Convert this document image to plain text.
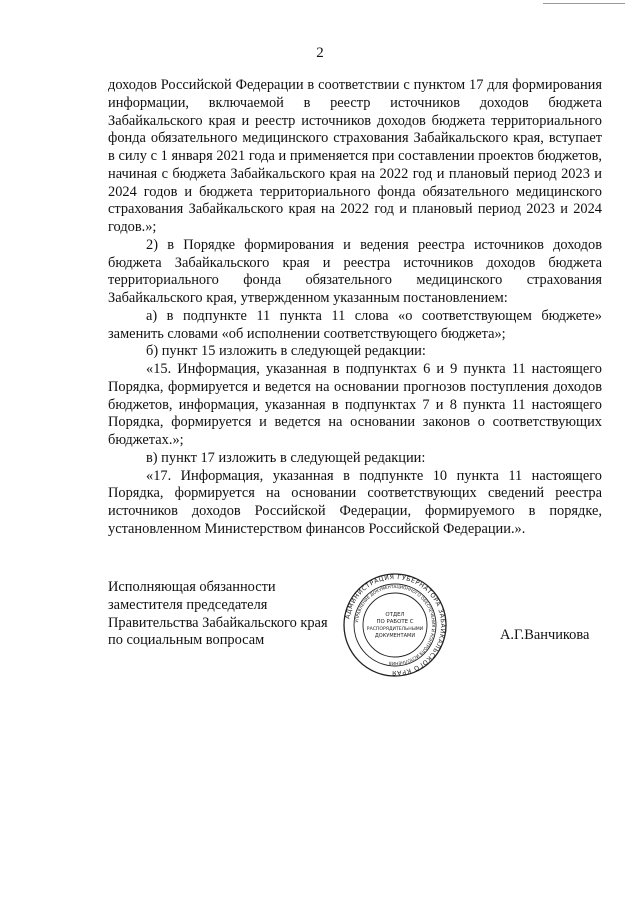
2

доходов Российской Федерации в соответствии с пунктом 17 для формирования информации, включаемой в реестр источников доходов бюджета Забайкальского края и реестр источников доходов бюджета территориального фонда обязательного медицинского страхования Забайкальского края, вступает в силу с 1 января 2021 года и применяется при составлении проектов бюджетов, начиная с бюджета Забайкальского края на 2022 год и плановый период 2023 и 2024 годов и бюджета территориального фонда обязательного медицинского страхования Забайкальского края на 2022 год и плановый период 2023 и 2024 годов.»;

2) в Порядке формирования и ведения реестра источников доходов бюджета Забайкальского края и реестра источников доходов бюджета территориального фонда обязательного медицинского страхования Забайкальского края, утвержденном указанным постановлением:

а) в подпункте 11 пункта 11 слова «о соответствующем бюджете» заменить словами «об исполнении соответствующего бюджета»;

б) пункт 15 изложить в следующей редакции:

«15. Информация, указанная в подпунктах 6 и 9 пункта 11 настоящего Порядка, формируется и ведется на основании прогнозов поступления доходов бюджетов, информация, указанная в подпунктах 7 и 8 пункта 11 настоящего Порядка, формируется и ведется на основании законов о соответствующих бюджетах.»;

в) пункт 17 изложить в следующей редакции:

«17. Информация, указанная в подпункте 10 пункта 11 настоящего Порядка, формируется на основании соответствующих сведений реестра источников доходов Российской Федерации, формируемого в порядке, установленном Министерством финансов Российской Федерации.».

Исполняющая обязанности
заместителя председателя
Правительства Забайкальского края
по социальным вопросам	А.Г.Ванчикова
АДМИНИСТРАЦИЯ ГУБЕРНАТОРА ЗАБАЙКАЛЬСКОГО КРАЯ
УПРАВЛЕНИЕ ДОКУМЕНТАЦИОННОГО ОБЕСПЕЧЕНИЯ И КОНТРОЛЯ ИСПОЛНЕНИЯ
ОТДЕЛ
ПО РАБОТЕ С
РАСПОРЯДИТЕЛЬНЫМИ
ДОКУМЕНТАМИ
